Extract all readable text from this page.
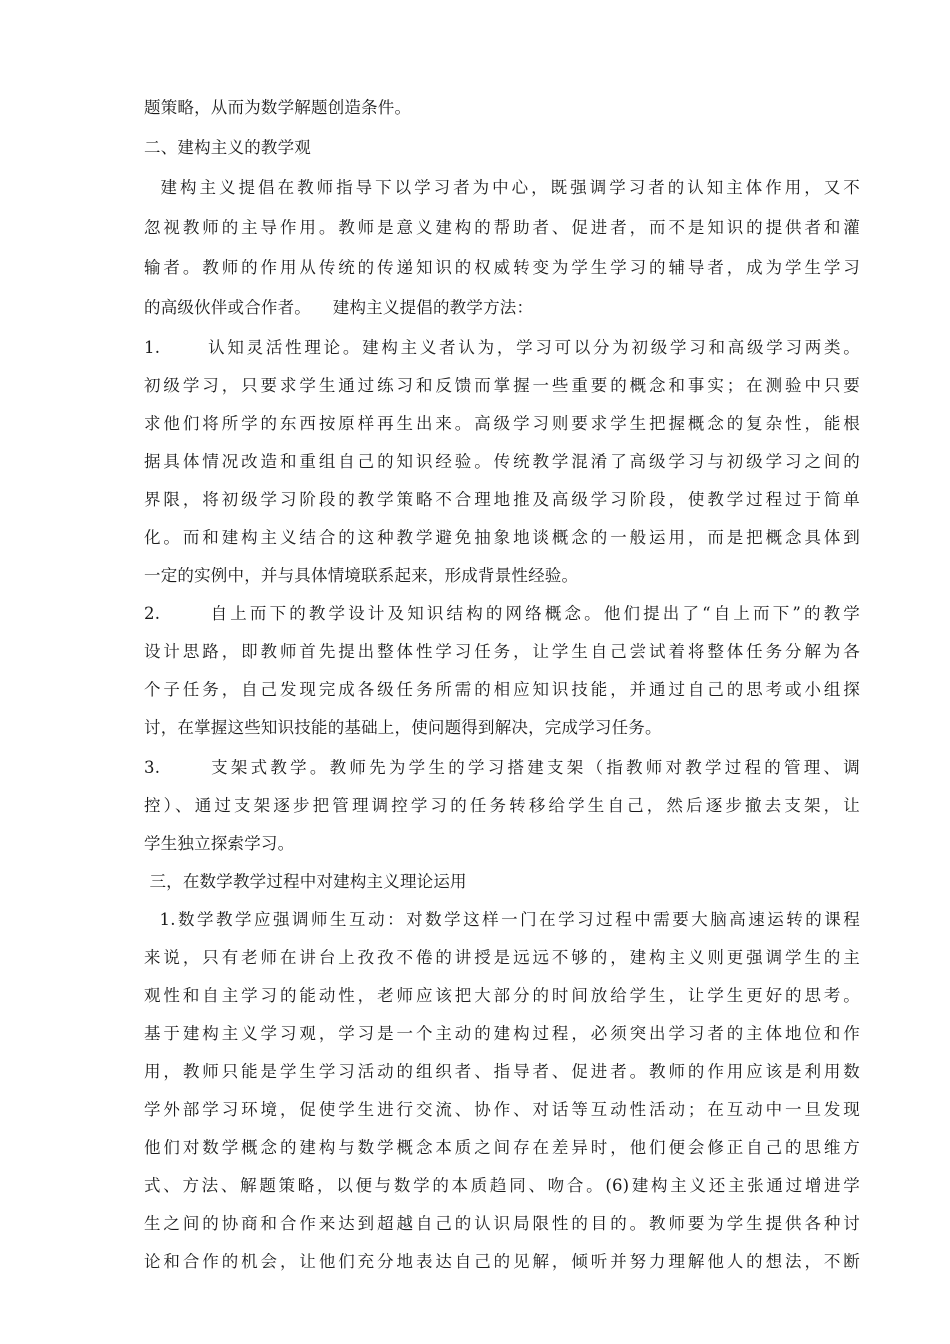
题策略，从而为数学解题创造条件。
二、建构主义的教学观
建构主义提倡在教师指导下以学习者为中心，既强调学习者的认知主体作用，又不
忽视教师的主导作用。教师是意义建构的帮助者、促进者，而不是知识的提供者和灌
输者。教师的作用从传统的传递知识的权威转变为学生学习的辅导者，成为学生学习
的高级伙伴或合作者。    建构主义提倡的教学方法：
1.      认知灵活性理论。建构主义者认为，学习可以分为初级学习和高级学习两类。
初级学习，只要求学生通过练习和反馈而掌握一些重要的概念和事实；在测验中只要
求他们将所学的东西按原样再生出来。高级学习则要求学生把握概念的复杂性，能根
据具体情况改造和重组自己的知识经验。传统教学混淆了高级学习与初级学习之间的
界限，将初级学习阶段的教学策略不合理地推及高级学习阶段，使教学过程过于简单
化。而和建构主义结合的这种教学避免抽象地谈概念的一般运用，而是把概念具体到
一定的实例中，并与具体情境联系起来，形成背景性经验。
2.      自上而下的教学设计及知识结构的网络概念。他们提出了“自上而下”的教学
设计思路，即教师首先提出整体性学习任务，让学生自己尝试着将整体任务分解为各
个子任务，自己发现完成各级任务所需的相应知识技能，并通过自己的思考或小组探
讨，在掌握这些知识技能的基础上，使问题得到解决，完成学习任务。
3.      支架式教学。教师先为学生的学习搭建支架（指教师对教学过程的管理、调
控）、通过支架逐步把管理调控学习的任务转移给学生自己，然后逐步撤去支架，让
学生独立探索学习。
三，在数学教学过程中对建构主义理论运用
1.数学教学应强调师生互动：对数学这样一门在学习过程中需要大脑高速运转的课程
来说，只有老师在讲台上孜孜不倦的讲授是远远不够的，建构主义则更强调学生的主
观性和自主学习的能动性，老师应该把大部分的时间放给学生，让学生更好的思考。
基于建构主义学习观，学习是一个主动的建构过程，必须突出学习者的主体地位和作
用，教师只能是学生学习活动的组织者、指导者、促进者。教师的作用应该是利用数
学外部学习环境，促使学生进行交流、协作、对话等互动性活动；在互动中一旦发现
他们对数学概念的建构与数学概念本质之间存在差异时，他们便会修正自己的思维方
式、方法、解题策略，以便与数学的本质趋同、吻合。(6)建构主义还主张通过增进学
生之间的协商和合作来达到超越自己的认识局限性的目的。教师要为学生提供各种讨
论和合作的机会，让他们充分地表达自己的见解，倾听并努力理解他人的想法，不断
